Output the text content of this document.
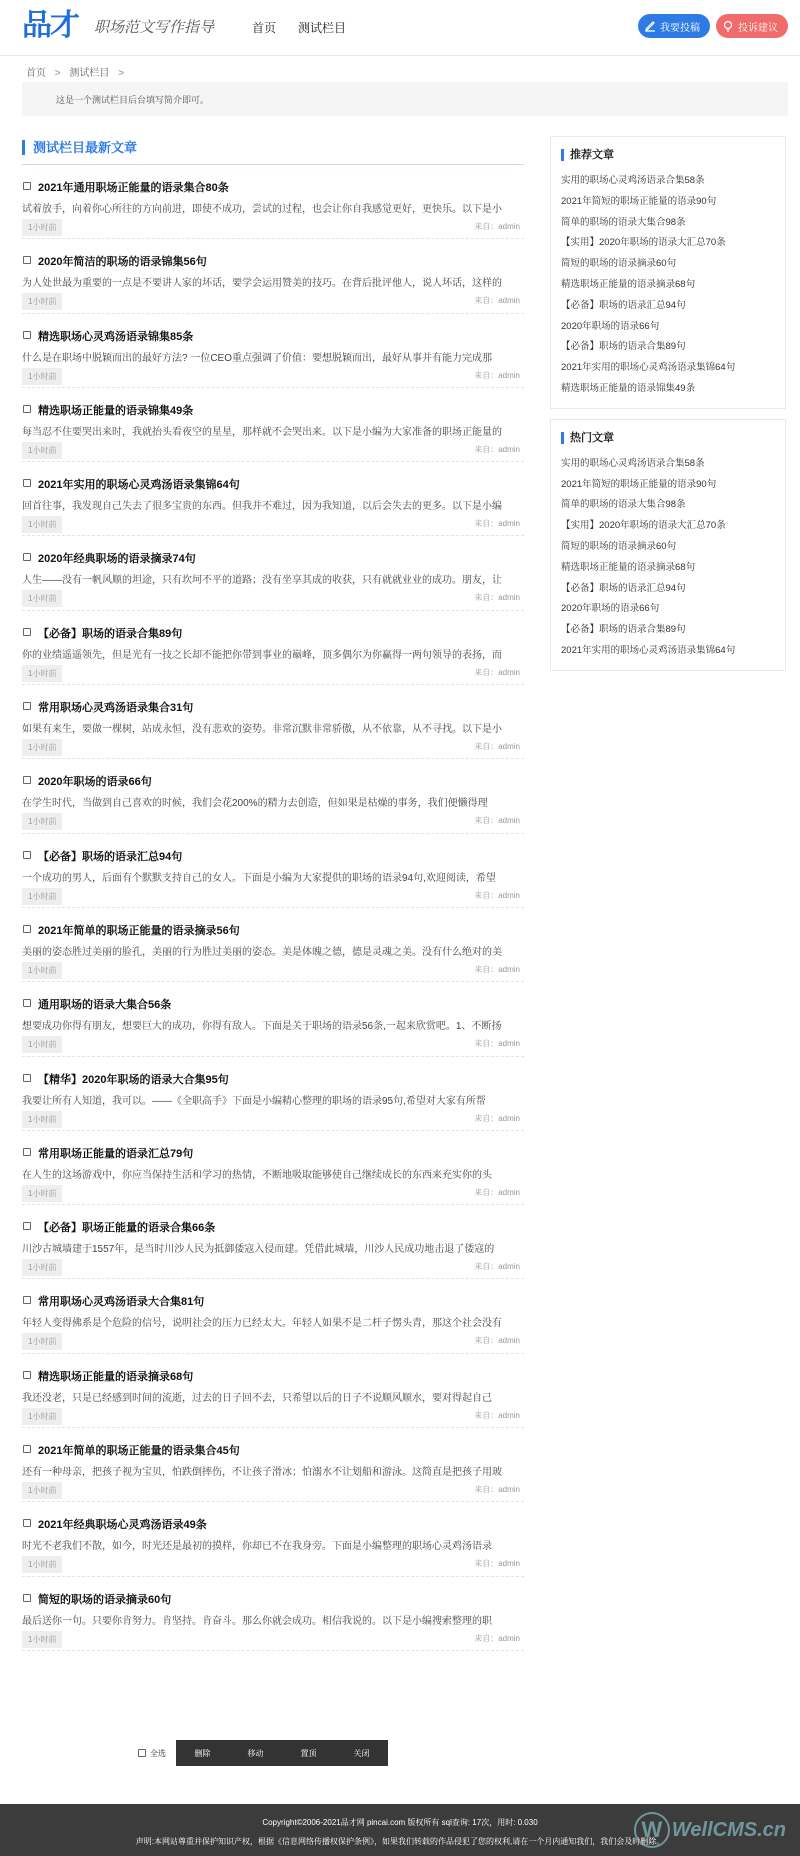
品才 职场范文写作指导	首页 测试栏目	我要投稿	投诉建议
首页 > 测试栏目 >
这是一个测试栏目后台填写简介即可。
测试栏目最新文章
2021年通用职场正能量的语录集合80条
试着放手，向着你心所往的方向前进，即使不成功，尝试的过程，也会让你自我感觉更好，更快乐。以下是小
1小时前	来自：admin
2020年简洁的职场的语录锦集56句
为人处世最为重要的一点是不要讲人家的坏话，要学会运用赞美的技巧。在背后批评他人，说人坏话，这样的
1小时前	来自：admin
精选职场心灵鸡汤语录锦集85条
什么是在职场中脱颖而出的最好方法? 一位CEO重点强调了价值：要想脱颖而出，最好从事并有能力完成那
1小时前	来自：admin
精选职场正能量的语录锦集49条
每当忍不住要哭出来时，我就抬头看夜空的星星，那样就不会哭出来。以下是小编为大家准备的职场正能量的
1小时前	来自：admin
2021年实用的职场心灵鸡汤语录集锦64句
回首往事，我发现自己失去了很多宝贵的东西。但我并不难过，因为我知道，以后会失去的更多。以下是小编
1小时前	来自：admin
2020年经典职场的语录摘录74句
人生——没有一帆风顺的坦途，只有坎坷不平的道路；没有坐享其成的收获，只有就就业业的成功。朋友，让
1小时前	来自：admin
【必备】职场的语录合集89句
你的业绩遥遥领先，但是光有一技之长却不能把你带到事业的巅峰，顶多偶尔为你赢得一两句领导的表扬，而
1小时前	来自：admin
常用职场心灵鸡汤语录集合31句
如果有来生，要做一棵树，站成永恒，没有悲欢的姿势。非常沉默非常骄傲，从不依靠，从不寻找。以下是小
1小时前	来自：admin
2020年职场的语录66句
在学生时代，当做到自己喜欢的时候，我们会花200%的精力去创造，但如果是枯燥的事务，我们便懒得理
1小时前	来自：admin
【必备】职场的语录汇总94句
一个成功的男人，后面有个默默支持自己的女人。下面是小编为大家提供的职场的语录94句,欢迎阅读，希望
1小时前	来自：admin
2021年简单的职场正能量的语录摘录56句
美丽的姿态胜过美丽的脸孔，美丽的行为胜过美丽的姿态。美是体魄之德，德是灵魂之美。没有什么绝对的美
1小时前	来自：admin
通用职场的语录大集合56条
想要成功你得有朋友，想要巨大的成功，你得有敌人。下面是关于职场的语录56条,一起来欣赏吧。1、不断扬
1小时前	来自：admin
【精华】2020年职场的语录大合集95句
我要让所有人知道，我可以。——《全职高手》下面是小编精心整理的职场的语录95句,希望对大家有所帮
1小时前	来自：admin
常用职场正能量的语录汇总79句
在人生的这场游戏中，你应当保持生活和学习的热情，不断地吸取能够使自己继续成长的东西来充实你的头
1小时前	来自：admin
【必备】职场正能量的语录合集66条
川沙古城墙建于1557年，是当时川沙人民为抵御倭寇入侵而建。凭借此城墙，川沙人民成功地击退了倭寇的
1小时前	来自：admin
常用职场心灵鸡汤语录大合集81句
年轻人变得佛系是个危险的信号，说明社会的压力已经太大。年轻人如果不是二杆子愣头青，那这个社会没有
1小时前	来自：admin
精选职场正能量的语录摘录68句
我还没老，只是已经感到时间的流逝，过去的日子回不去，只希望以后的日子不说顺风顺水，要对得起自己
1小时前	来自：admin
2021年简单的职场正能量的语录集合45句
还有一种母亲，把孩子视为宝贝，怕跌倒摔伤，不让孩子滑冰；怕溺水不让划船和游泳。这简直是把孩子用玻
1小时前	来自：admin
2021年经典职场心灵鸡汤语录49条
时光不老我们不散，如今，时光还是最初的摸样，你却已不在我身旁。下面是小编整理的职场心灵鸡汤语录
1小时前	来自：admin
简短的职场的语录摘录60句
最后送你一句。只要你肯努力。肯坚持。肯奋斗。那么你就会成功。相信我说的。以下是小编搜索整理的职
1小时前	来自：admin
推荐文章
实用的职场心灵鸡汤语录合集58条
2021年简短的职场正能量的语录90句
简单的职场的语录大集合98条
【实用】2020年职场的语录大汇总70条
简短的职场的语录摘录60句
精选职场正能量的语录摘录68句
【必备】职场的语录汇总94句
2020年职场的语录66句
【必备】职场的语录合集89句
2021年实用的职场心灵鸡汤语录集锦64句
精选职场正能量的语录锦集49条
热门文章
实用的职场心灵鸡汤语录合集58条
2021年简短的职场正能量的语录90句
简单的职场的语录大集合98条
【实用】2020年职场的语录大汇总70条
简短的职场的语录摘录60句
精选职场正能量的语录摘录68句
【必备】职场的语录汇总94句
2020年职场的语录66句
【必备】职场的语录合集89句
2021年实用的职场心灵鸡汤语录集锦64句
全选	删除	移动	置顶	关闭
Copyright©2006-2021品才网 pincai.com 版权所有 sql查询: 17次，用时: 0.030
声明:本网站尊重并保护知识产权，根据《信息网络传播权保护条例》，如果我们转载的作品侵犯了您的权利,请在一个月内通知我们，我们会及时删除。
W WellCMS.cn
